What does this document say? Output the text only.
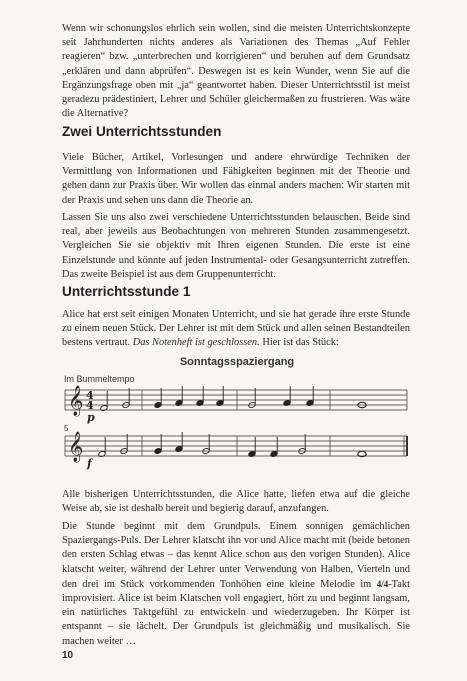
Wenn wir schonungslos ehrlich sein wollen, sind die meisten Unterrichtskonzepte seit Jahrhunderten nichts anderes als Variationen des Themas „Auf Fehler reagieren“ bzw. „unterbrechen und korrigieren“ und beruhen auf dem Grundsatz „erklären und dann abprüfen“. Deswegen ist es kein Wunder, wenn Sie auf die Ergänzungsfrage oben mit „ja“ geantwortet haben. Dieser Unterrichtsstil ist meist geradezu prädestiniert, Lehrer und Schüler gleichermaßen zu frustrieren. Was wäre die Alternative?

Zwei Unterrichtsstunden

Viele Bücher, Artikel, Vorlesungen und andere ehrwürdige Techniken der Vermittlung von Informationen und Fähigkeiten beginnen mit der Theorie und gehen dann zur Praxis über. Wir wollen das einmal anders machen: Wir starten mit der Praxis und sehen uns dann die Theorie an.

Lassen Sie uns also zwei verschiedene Unterrichtsstunden belauschen. Beide sind real, aber jeweils aus Beobachtungen von mehreren Stunden zusammengesetzt. Vergleichen Sie sie objektiv mit Ihren eigenen Stunden. Die erste ist eine Einzelstunde und könnte auf jeden Instrumental- oder Gesangsunterricht zutreffen. Das zweite Beispiel ist aus dem Gruppenunterricht.

Unterrichtsstunde 1

Alice hat erst seit einigen Monaten Unterricht, und sie hat gerade ihre erste Stunde zu einem neuen Stück. Der Lehrer ist mit dem Stück und allen seinen Bestandteilen bestens vertraut. Das Notenheft ist geschlossen. Hier ist das Stück:

Sonntagsspaziergang
Im Bummeltempo
5
p
f
𝄞 4
4
𝄞

Alle bisherigen Unterrichtsstunden, die Alice hatte, liefen etwa auf die gleiche Weise ab, sie ist deshalb bereit und begierig darauf, anzufangen.

Die Stunde beginnt mit dem Grundpuls. Einem sonnigen gemächlichen Spaziergangs-Puls. Der Lehrer klatscht ihn vor und Alice macht mit (beide betonen den ersten Schlag etwas – das kennt Alice schon aus den vorigen Stunden). Alice klatscht weiter, während der Lehrer unter Verwendung von Halben, Vierteln und den drei im Stück vorkommenden Tonhöhen eine kleine Melodie im 4/4-Takt improvisiert. Alice ist beim Klatschen voll engagiert, hört zu und beginnt langsam, ein natürliches Taktgefühl zu entwickeln und wiederzugeben. Ihr Körper ist entspannt – sie lächelt. Der Grundpuls ist gleichmäßig und musikalisch. Sie machen weiter …

10
